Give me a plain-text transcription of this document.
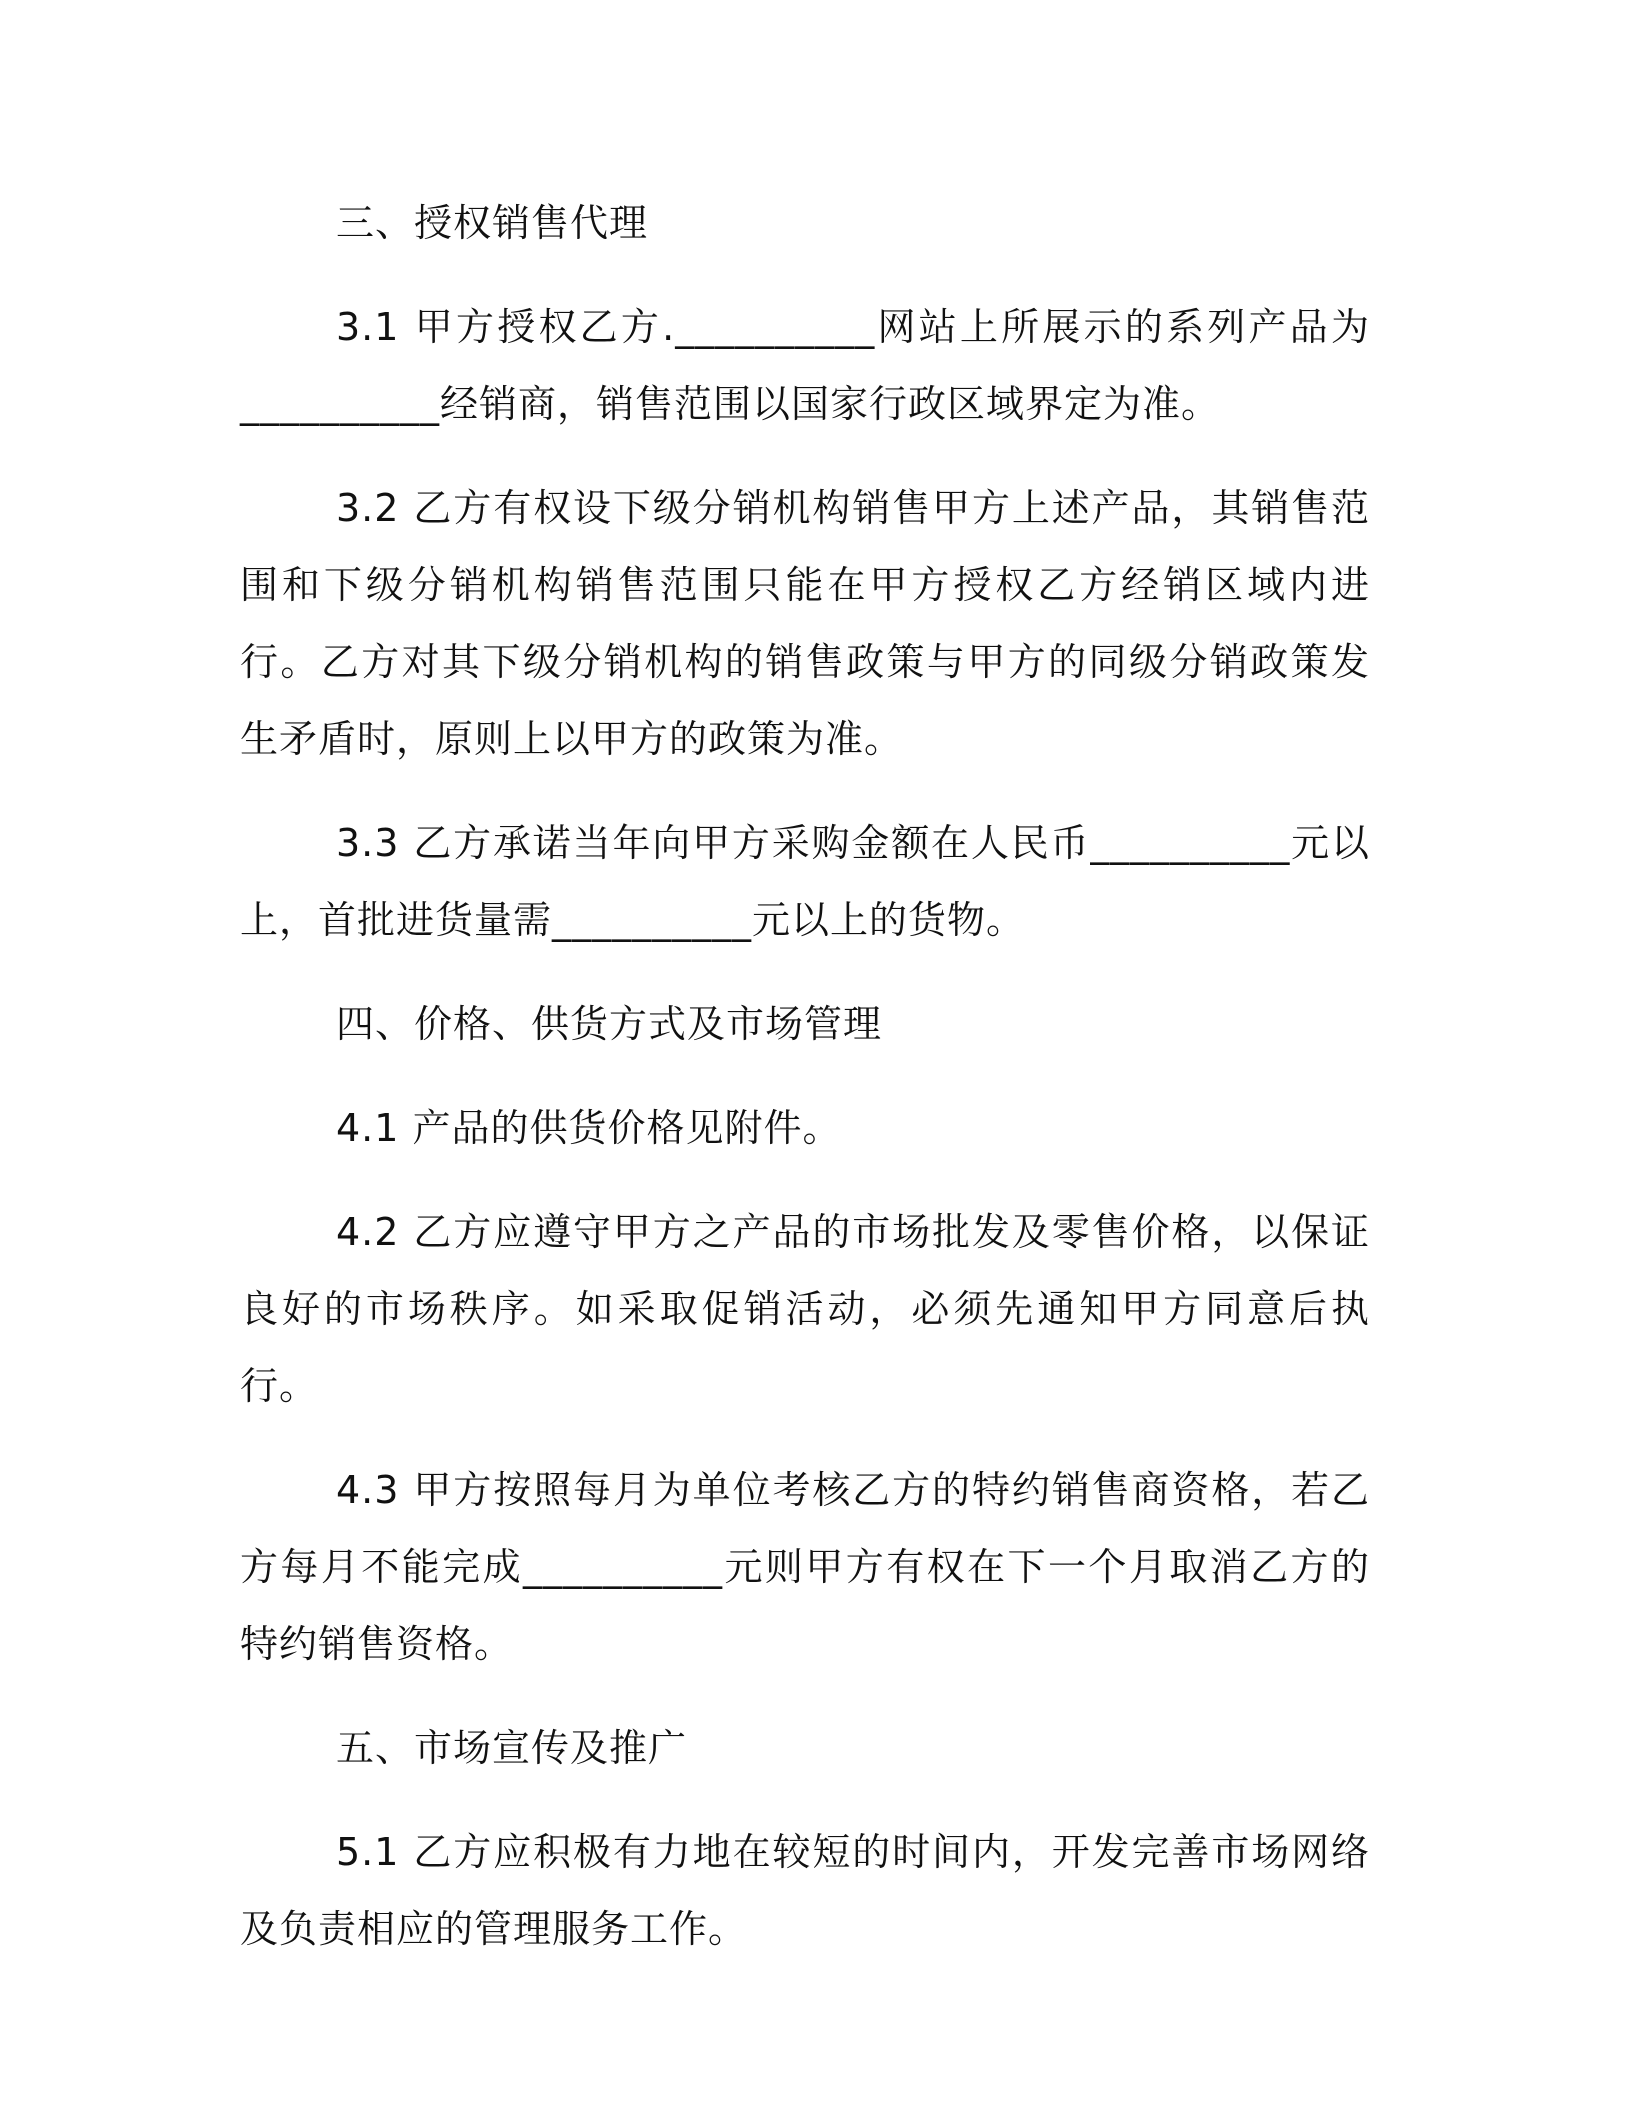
三、授权销售代理

3.1 甲方授权乙方.__________网站上所展示的系列产品为__________经销商，销售范围以国家行政区域界定为准。

3.2 乙方有权设下级分销机构销售甲方上述产品，其销售范围和下级分销机构销售范围只能在甲方授权乙方经销区域内进行。乙方对其下级分销机构的销售政策与甲方的同级分销政策发生矛盾时，原则上以甲方的政策为准。

3.3 乙方承诺当年向甲方采购金额在人民币__________元以上，首批进货量需__________元以上的货物。

四、价格、供货方式及市场管理

4.1 产品的供货价格见附件。

4.2 乙方应遵守甲方之产品的市场批发及零售价格，以保证良好的市场秩序。如采取促销活动，必须先通知甲方同意后执行。

4.3 甲方按照每月为单位考核乙方的特约销售商资格，若乙方每月不能完成__________元则甲方有权在下一个月取消乙方的特约销售资格。

五、市场宣传及推广

5.1 乙方应积极有力地在较短的时间内，开发完善市场网络及负责相应的管理服务工作。
